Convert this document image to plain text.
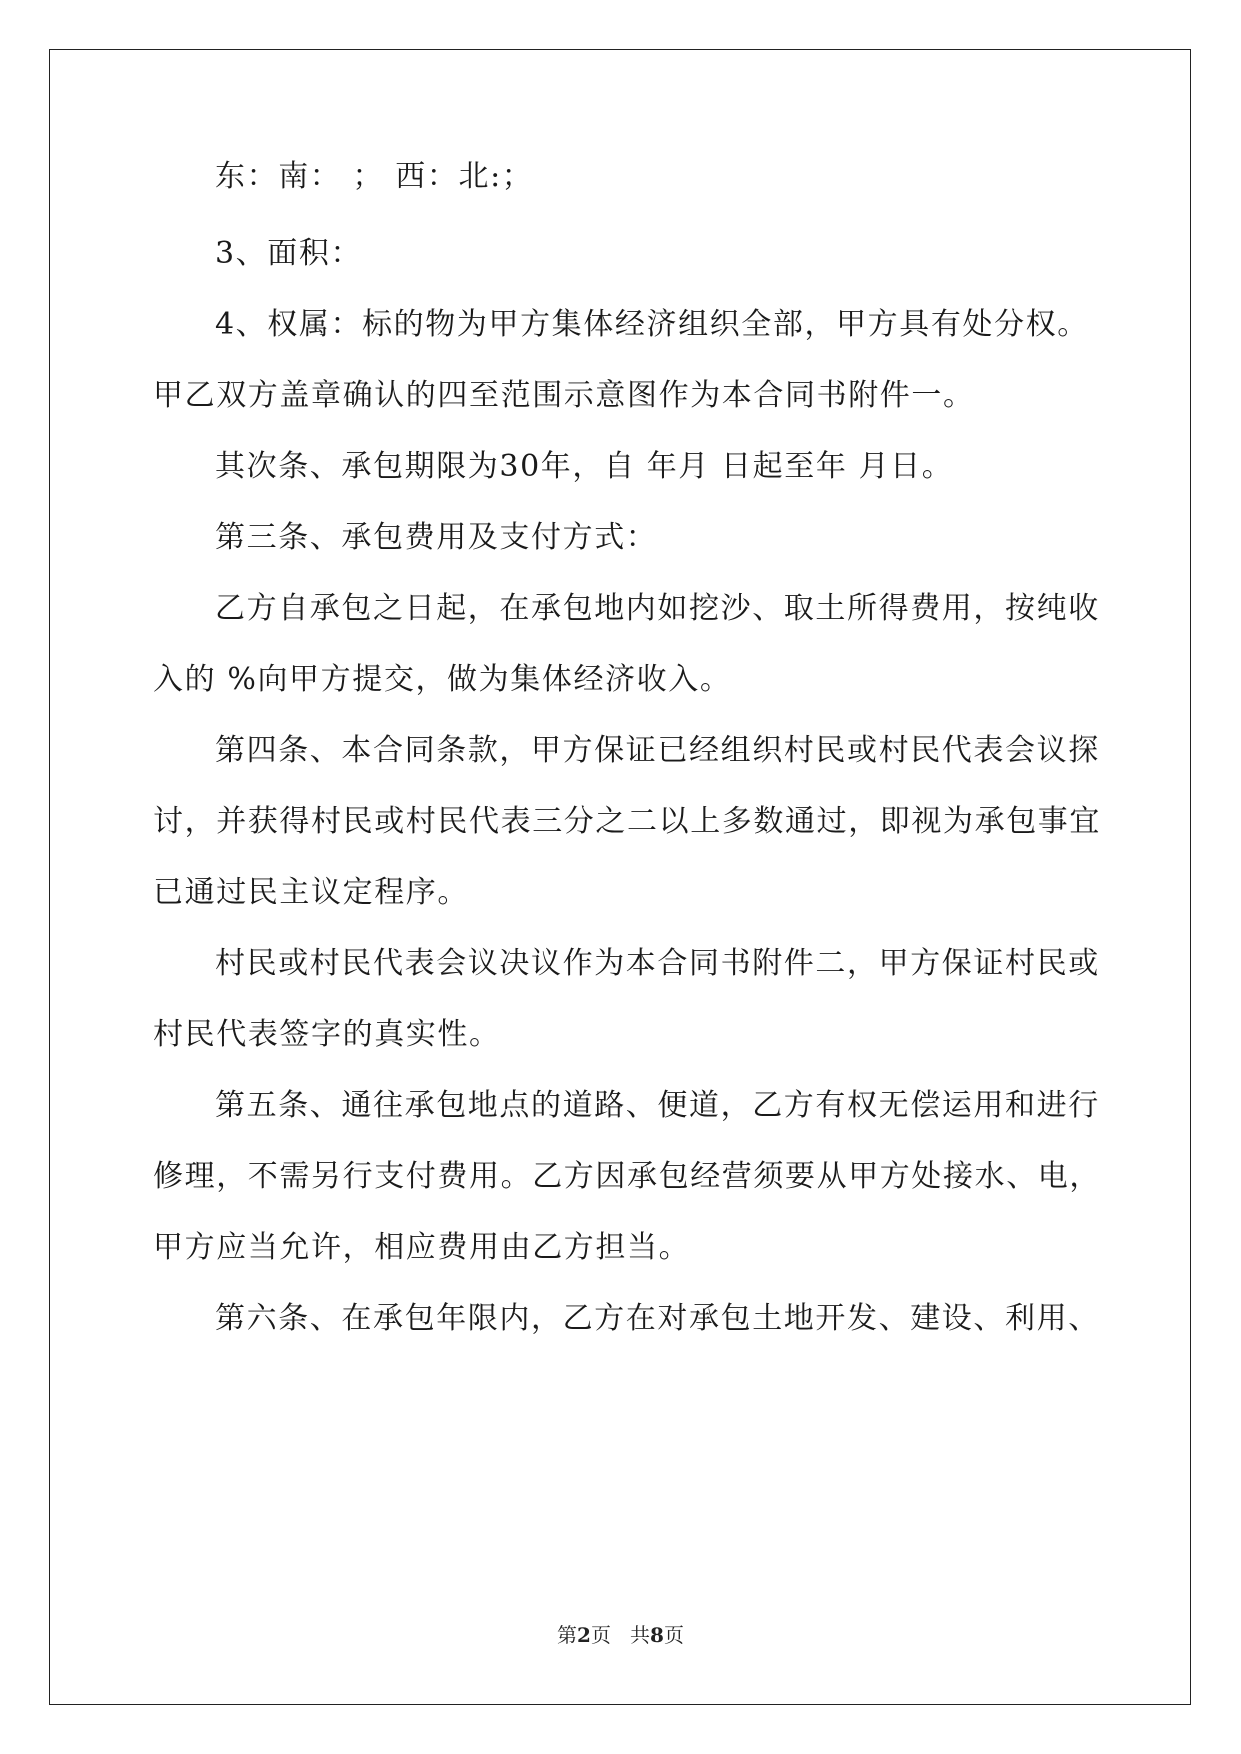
东：南： ； 西：北:；
3、面积：
4、权属：标的物为甲方集体经济组织全部，甲方具有处分权。
甲乙双方盖章确认的四至范围示意图作为本合同书附件一。
其次条、承包期限为30年，自 年月 日起至年 月日。
第三条、承包费用及支付方式：
乙方自承包之日起，在承包地内如挖沙、取土所得费用，按纯收
入的 %向甲方提交，做为集体经济收入。
第四条、本合同条款，甲方保证已经组织村民或村民代表会议探
讨，并获得村民或村民代表三分之二以上多数通过，即视为承包事宜
已通过民主议定程序。
村民或村民代表会议决议作为本合同书附件二，甲方保证村民或
村民代表签字的真实性。
第五条、通往承包地点的道路、便道，乙方有权无偿运用和进行
修理，不需另行支付费用。乙方因承包经营须要从甲方处接水、电，
甲方应当允许，相应费用由乙方担当。
第六条、在承包年限内，乙方在对承包土地开发、建设、利用、
第2页   共8页
